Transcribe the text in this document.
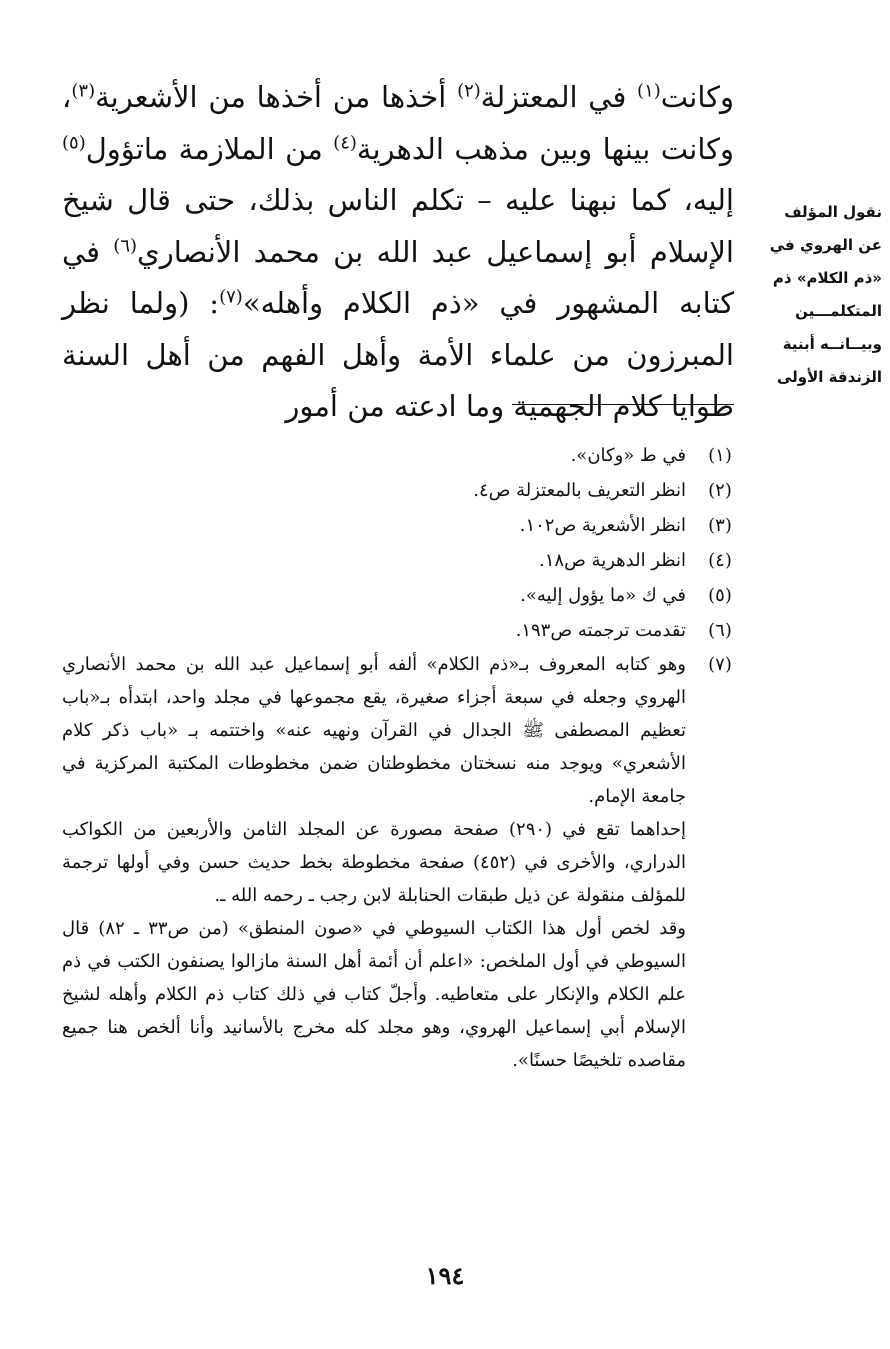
وكانت$^{(١)}$ في المعتزلة$^{(٢)}$ أخذها من أخذها من الأشعرية$^{(٣)}$، وكانت بينها وبين مذهب الدهرية$^{(٤)}$ من الملازمة ماتؤول$^{(٥)}$ إليه، كما نبهنا عليه – تكلم الناس بذلك، حتى قال شيخ الإسلام أبو إسماعيل عبد الله بن محمد الأنصاري$^{(٦)}$ في كتابه المشهور في «ذم الكلام وأهله»$^{(٧)}$: (ولما نظر المبرزون من علماء الأمة وأهل الفهم من أهل السنة طوايا كلام الجهمية وما ادعته من أمور

نقول المؤلف
عن الهروي في
«ذم الكلام» ذم
المتكلمـــين
وبيــانــه أبنية
الزندقة الأولى
(١)
في ط «وكان».
(٢)
انظر التعريف بالمعتزلة ص٤.
(٣)
انظر الأشعرية ص١٠٢.
(٤)
انظر الدهرية ص١٨.
(٥)
في ك «ما يؤول إليه».
(٦)
تقدمت ترجمته ص١٩٣.
(٧)

وهو كتابه المعروف بـ«ذم الكلام» ألفه أبو إسماعيل عبد الله بن محمد الأنصاري الهروي وجعله في سبعة أجزاء صغيرة، يقع مجموعها في مجلد واحد، ابتدأه بـ«باب تعظيم المصطفى ﷺ الجدال في القرآن ونهيه عنه» واختتمه بـ «باب ذكر كلام الأشعري» ويوجد منه نسختان مخطوطتان ضمن مخطوطات المكتبة المركزية في جامعة الإمام.

إحداهما تقع في (٢٩٠) صفحة مصورة عن المجلد الثامن والأربعين من الكواكب الدراري، والأخرى في (٤٥٢) صفحة مخطوطة بخط حديث حسن وفي أولها ترجمة للمؤلف منقولة عن ذيل طبقات الحنابلة لابن رجب ـ رحمه الله ـ.

وقد لخص أول هذا الكتاب السيوطي في «صون المنطق» (من ص٣٣ ـ ٨٢) قال السيوطي في أول الملخص: «اعلم أن أئمة أهل السنة مازالوا يصنفون الكتب في ذم علم الكلام والإنكار على متعاطيه. وأجلّ كتاب في ذلك كتاب ذم الكلام وأهله لشيخ الإسلام أبي إسماعيل الهروي، وهو مجلد كله مخرج بالأسانيد وأنا ألخص هنا جميع مقاصده تلخيصًا حسنًا».

١٩٤
